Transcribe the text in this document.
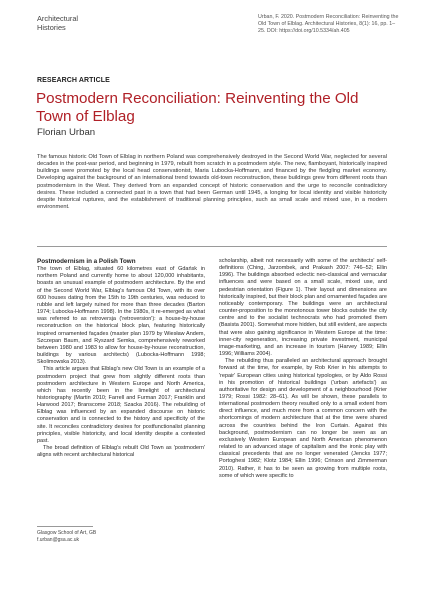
Architectural
Histories
Urban, F. 2020. Postmodern Reconciliation: Reinventing the Old Town of Elblag. Architectural Histories, 8(1): 16, pp. 1–25. DOI: https://doi.org/10.5334/ah.405
RESEARCH ARTICLE
Postmodern Reconciliation: Reinventing the Old Town of Elblag
Florian Urban
The famous historic Old Town of Elblag in northern Poland was comprehensively destroyed in the Second World War, neglected for several decades in the post-war period, and beginning in 1979, rebuilt from scratch in a postmodern style. The new, flamboyant, historically inspired buildings were promoted by the local head conservationist, Maria Lubocka-Hoffmann, and financed by the fledgling market economy. Developing against the background of an international trend towards old-town reconstruction, these buildings grew from different roots than postmodernism in the West. They derived from an expanded concept of historic conservation and the urge to reconcile contradictory desires. These included a connected past in a town that had been German until 1945, a longing for local identity and visible historicity despite historical ruptures, and the establishment of traditional planning principles, such as small scale and mixed use, in a modern environment.
Postmodernism in a Polish Town

The town of Elblag, situated 60 kilometres east of Gdańsk in northern Poland and currently home to about 120,000 inhabitants, boasts an unusual example of postmodern architecture. By the end of the Second World War, Elblag's famous Old Town, with its over 600 houses dating from the 15th to 19th centuries, was reduced to rubble and left largely ruined for more than three decades (Barton 1974; Lubocka-Hoffmann 1998). In the 1980s, it re-emerged as what was referred to as retroversja ('retroversion'): a house-by-house reconstruction on the historical block plan, featuring historically inspired ornamented façades (master plan 1979 by Wiesław Andem, Szczepan Baum, and Ryszard Semka, comprehensively reworked between 1980 and 1983 to allow for house-by-house reconstruction, buildings by various architects) (Lubocka-Hoffmann 1998; Skolimowska 2013).

This article argues that Elblag's new Old Town is an example of a postmodern project that grew from slightly different roots than postmodern architecture in Western Europe and North America, which has recently been in the limelight of architectural historiography (Martin 2010; Farrell and Furman 2017; Franklin and Harwood 2017; Branscome 2018; Szacka 2016). The rebuilding of Elblag was influenced by an expanded discourse on historic conservation and is connected to the history and specificity of the site. It reconciles contradictory desires for postfunctionalist planning principles, visible historicity, and local identity despite a contested past.

The broad definition of Elblag's rebuilt Old Town as 'postmodern' aligns with recent architectural historical

scholarship, albeit not necessarily with some of the architects' self-definitions (Ching, Jarzombek, and Prakash 2007: 746–52; Ellin 1996). The buildings absorbed eclectic neo-classical and vernacular influences and were based on a small scale, mixed use, and pedestrian orientation (Figure 1). Their layout and dimensions are historically inspired, but their block plan and ornamented façades are noticeably contemporary. The buildings were an architectural counter-proposition to the monotonous tower blocks outside the city centre and to the socialist technocrats who had promoted them (Basista 2001). Somewhat more hidden, but still evident, are aspects that were also gaining significance in Western Europe at the time: inner-city regeneration, increasing private investment, municipal image-marketing, and an increase in tourism (Harvey 1989; Ellin 1996; Williams 2004).

The rebuilding thus paralleled an architectural approach brought forward at the time, for example, by Rob Krier in his attempts to 'repair' European cities using historical typologies, or by Aldo Rossi in his promotion of historical buildings ('urban artefacts') as authoritative for design and development of a neighbourhood (Krier 1979; Rossi 1982: 28–61). As will be shown, these parallels to international postmodern theory resulted only to a small extent from direct influence, and much more from a common concern with the shortcomings of modern architecture that at the time were shared across the countries behind the Iron Curtain. Against this background, postmodernism can no longer be seen as an exclusively Western European and North American phenomenon related to an advanced stage of capitalism and the ironic play with classical precedents that are no longer venerated (Jencks 1977; Portoghesi 1982; Klotz 1984; Ellin 1996; Crinson and Zimmerman 2010). Rather, it has to be seen as growing from multiple roots, some of which were specific to

Glasgow School of Art, GB
f.urban@gsa.ac.uk
